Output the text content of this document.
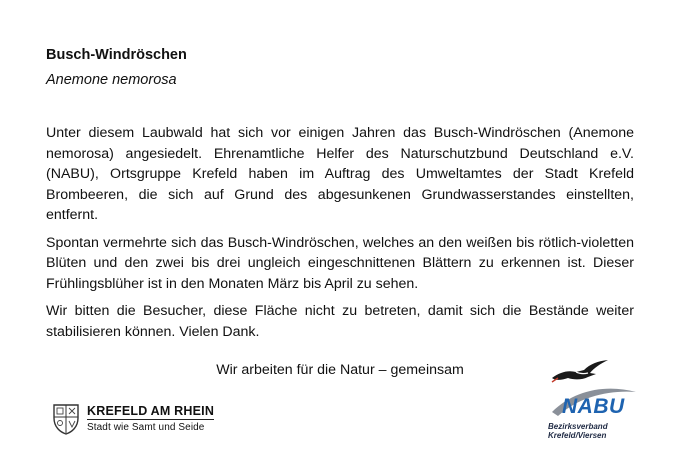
Busch-Windröschen

Anemone nemorosa

Unter diesem Laubwald hat sich vor einigen Jahren das Busch-Windröschen (Anemone nemorosa) angesiedelt. Ehrenamtliche Helfer des Naturschutzbund Deutschland e.V. (NABU), Ortsgruppe Krefeld haben im Auftrag des Umweltamtes der Stadt Krefeld Brombeeren, die sich auf Grund des abgesunkenen Grundwasserstandes einstellten, entfernt.

Spontan vermehrte sich das Busch-Windröschen, welches an den weißen bis rötlich-violetten Blüten und den zwei bis drei ungleich eingeschnittenen Blättern zu erkennen ist. Dieser Frühlingsblüher ist in den Monaten März bis April zu sehen.

Wir bitten die Besucher, diese Fläche nicht zu betreten, damit sich die Bestände weiter stabilisieren können. Vielen Dank.

Wir arbeiten für die Natur – gemeinsam

KREFELD AM RHEIN
Stadt wie Samt und Seide
NABU
Bezirksverband
Krefeld/Viersen
